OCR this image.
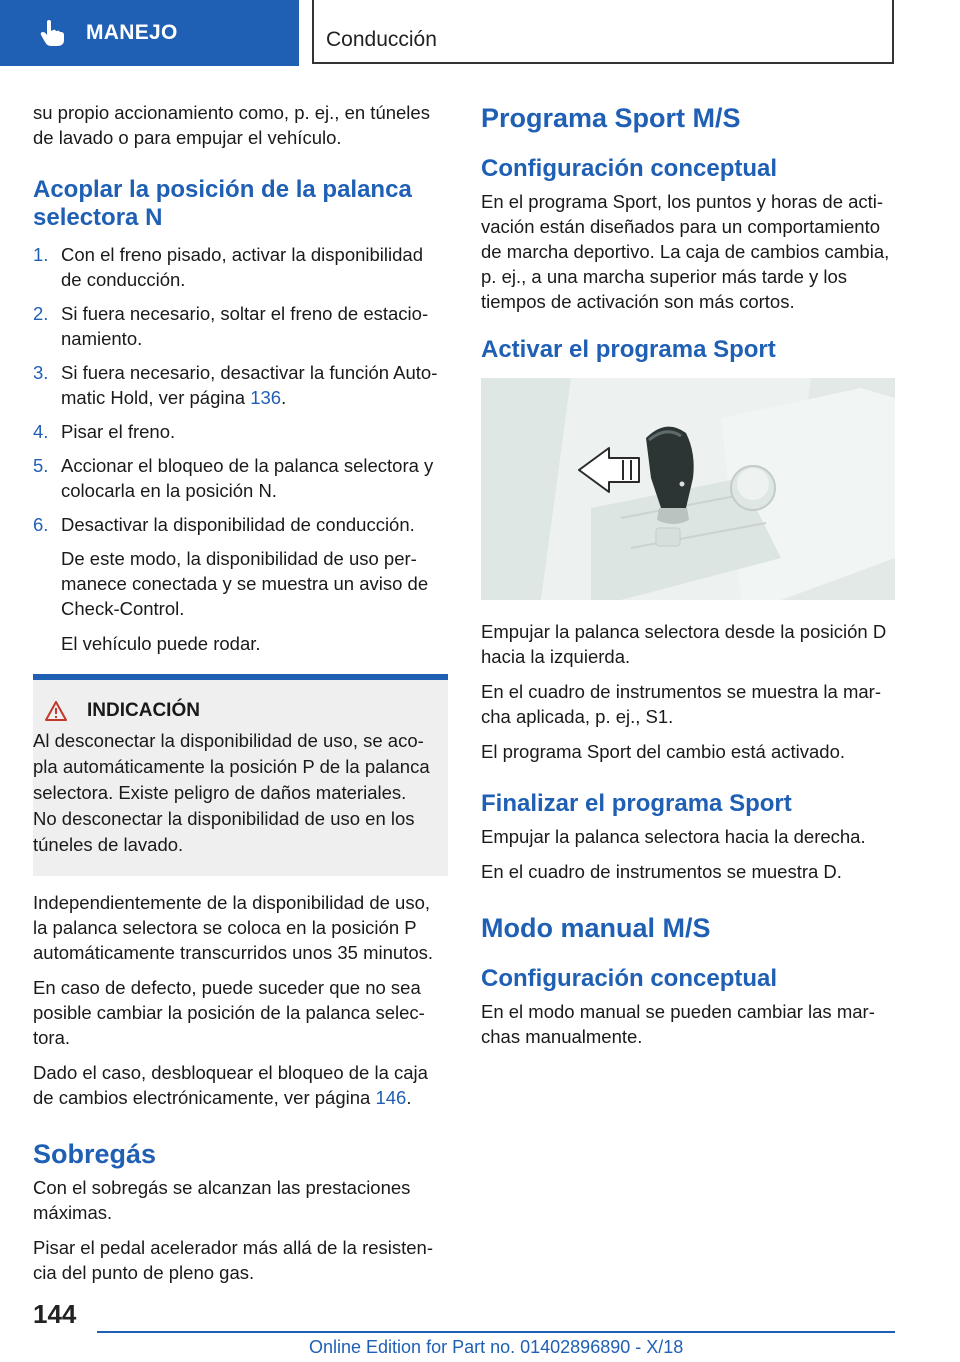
MANEJO	Conducción

su propio accionamiento como, p. ej., en túneles de lavado o para empujar el vehículo.

Acoplar la posición de la palanca selectora N
1. Con el freno pisado, activar la disponibilidad de conducción.
2. Si fuera necesario, soltar el freno de estacionamiento.
3. Si fuera necesario, desactivar la función Automatic Hold, ver página 136.
4. Pisar el freno.
5. Accionar el bloqueo de la palanca selectora y colocarla en la posición N.
6. Desactivar la disponibilidad de conducción.

De este modo, la disponibilidad de uso permanece conectada y se muestra un aviso de Check-Control.

El vehículo puede rodar.

INDICACIÓN

Al desconectar la disponibilidad de uso, se acopla automáticamente la posición P de la palanca selectora. Existe peligro de daños materiales. No desconectar la disponibilidad de uso en los túneles de lavado.

Independientemente de la disponibilidad de uso, la palanca selectora se coloca en la posición P automáticamente transcurridos unos 35 minutos.

En caso de defecto, puede suceder que no sea posible cambiar la posición de la palanca selectora.

Dado el caso, desbloquear el bloqueo de la caja de cambios electrónicamente, ver página 146.

Sobregás

Con el sobregás se alcanzan las prestaciones máximas.

Pisar el pedal acelerador más allá de la resistencia del punto de pleno gas.

Programa Sport M/S
Configuración conceptual

En el programa Sport, los puntos y horas de activación están diseñados para un comportamiento de marcha deportivo. La caja de cambios cambia, p. ej., a una marcha superior más tarde y los tiempos de activación son más cortos.

Activar el programa Sport

Empujar la palanca selectora desde la posición D hacia la izquierda.

En el cuadro de instrumentos se muestra la marcha aplicada, p. ej., S1.

El programa Sport del cambio está activado.

Finalizar el programa Sport

Empujar la palanca selectora hacia la derecha.

En el cuadro de instrumentos se muestra D.

Modo manual M/S
Configuración conceptual

En el modo manual se pueden cambiar las marchas manualmente.

144
Online Edition for Part no. 01402896890 - X/18
